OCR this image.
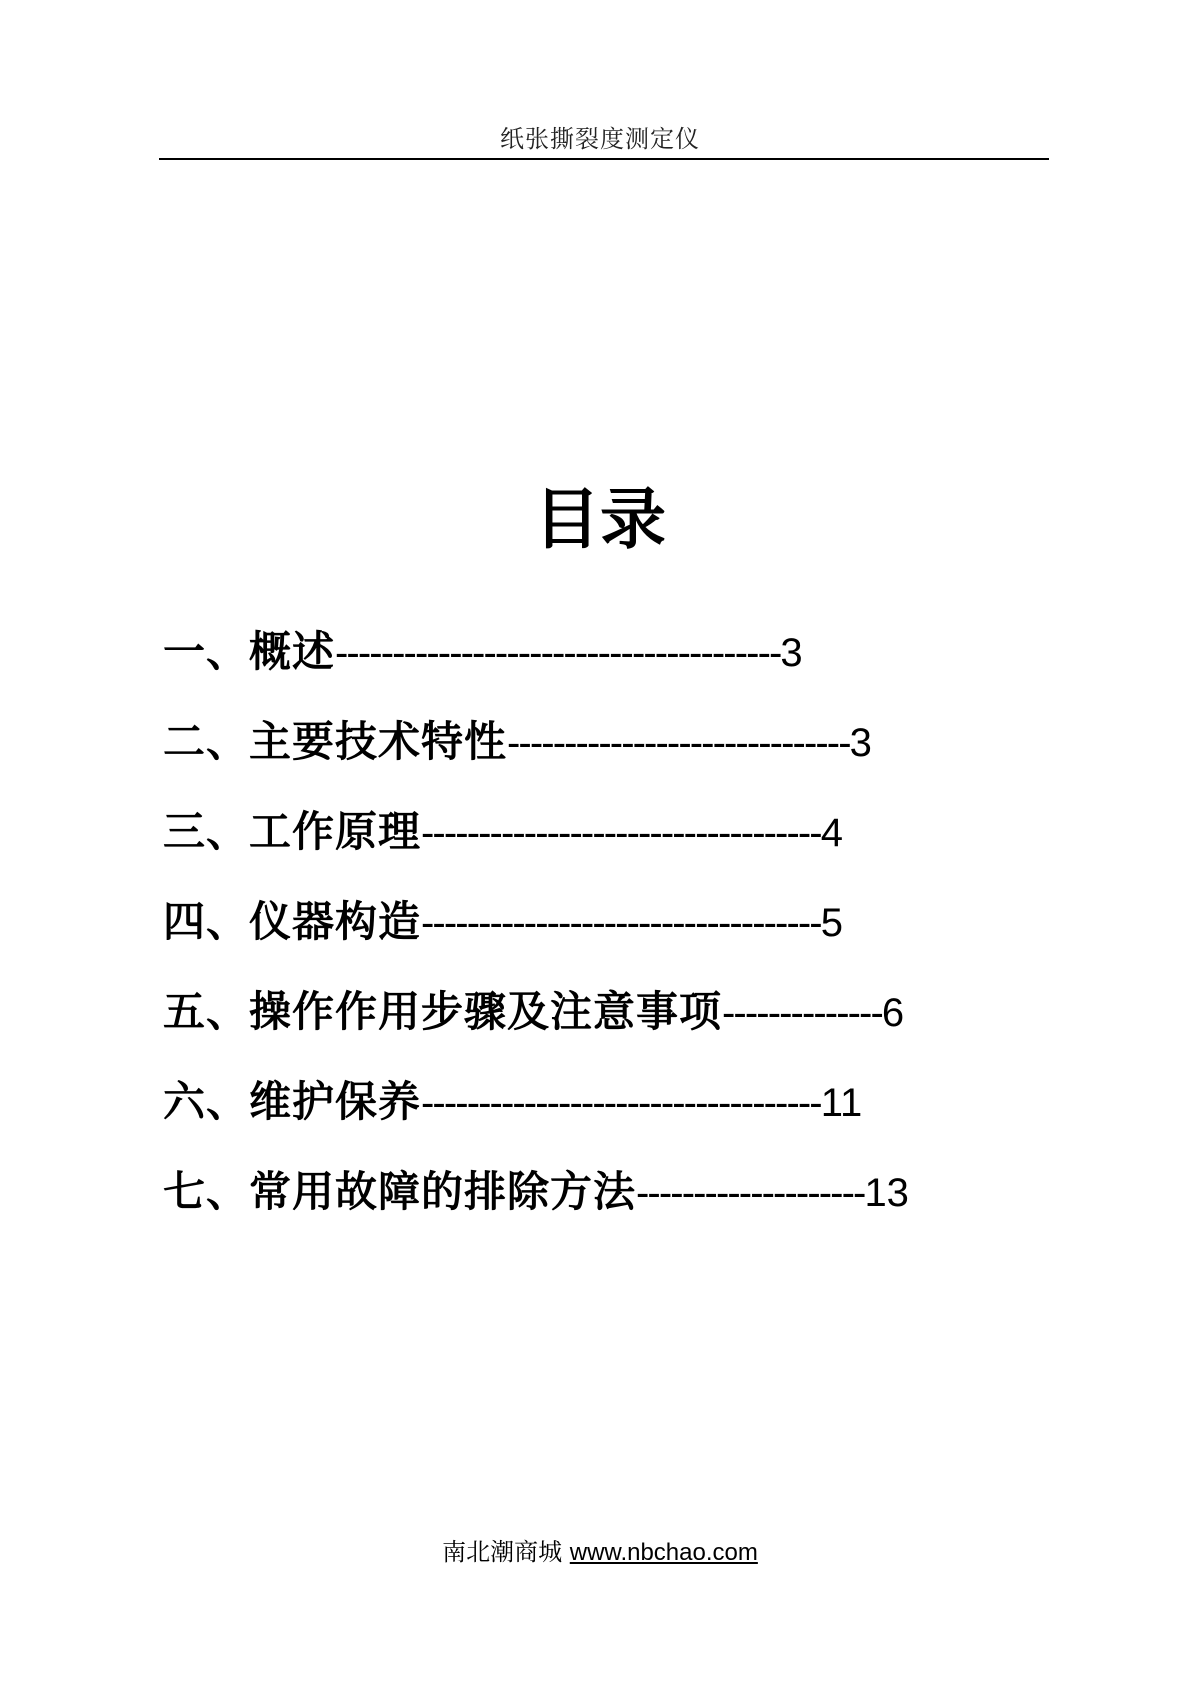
纸张撕裂度测定仪
目录
一、概述---------------------------------------3
二、主要技术特性------------------------------3
三、工作原理-----------------------------------4
四、仪器构造-----------------------------------5
五、操作作用步骤及注意事项--------------6
六、维护保养-----------------------------------11
七、常用故障的排除方法--------------------13
南北潮商城 www.nbchao.com
